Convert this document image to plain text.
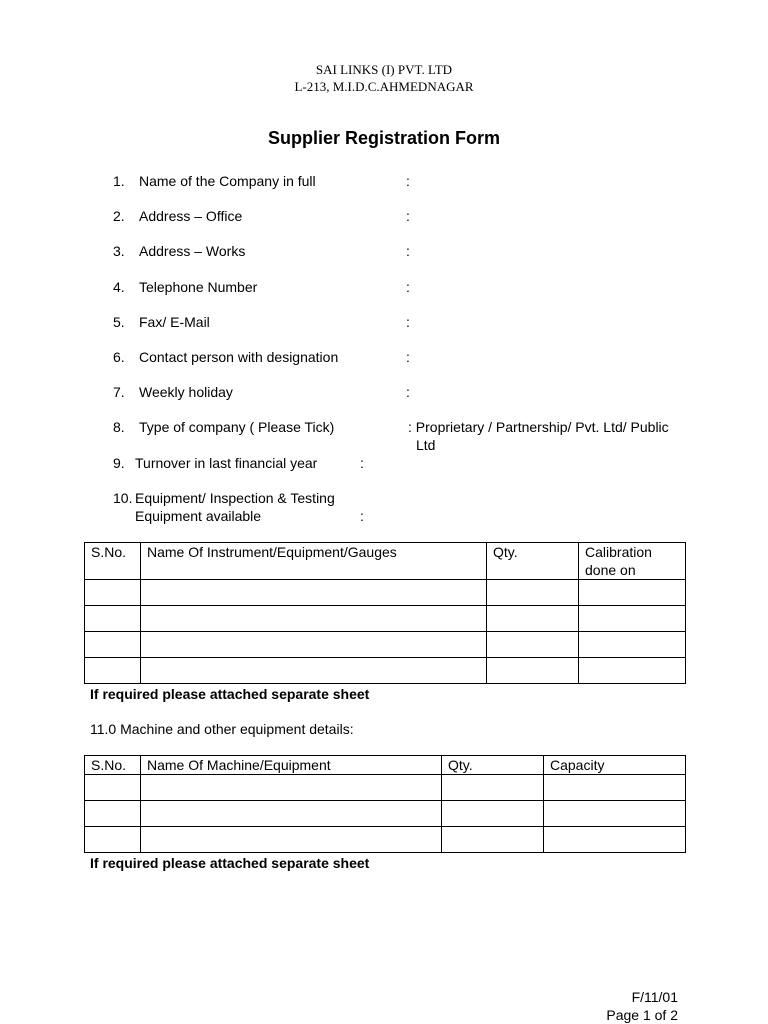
SAI LINKS (I) PVT. LTD
L-213, M.I.D.C.AHMEDNAGAR
Supplier Registration Form
1. Name of the Company in full	:
2. Address – Office	:
3. Address – Works	:
4. Telephone Number	:
5. Fax/ E-Mail	:
6. Contact person with designation	:
7. Weekly holiday	:
8. Type of company ( Please Tick)	: Proprietary / Partnership/ Pvt. Ltd/ Public
Ltd
9. Turnover in last financial year	:
10. Equipment/ Inspection & Testing
Equipment available	:
S.No.	Name Of Instrument/Equipment/Gauges	Qty.	Calibration done on

If required please attached separate sheet
11.0 Machine and other equipment details:
S.No.	Name Of Machine/Equipment	Qty.	Capacity

If required please attached separate sheet
F/11/01
Page 1 of 2
